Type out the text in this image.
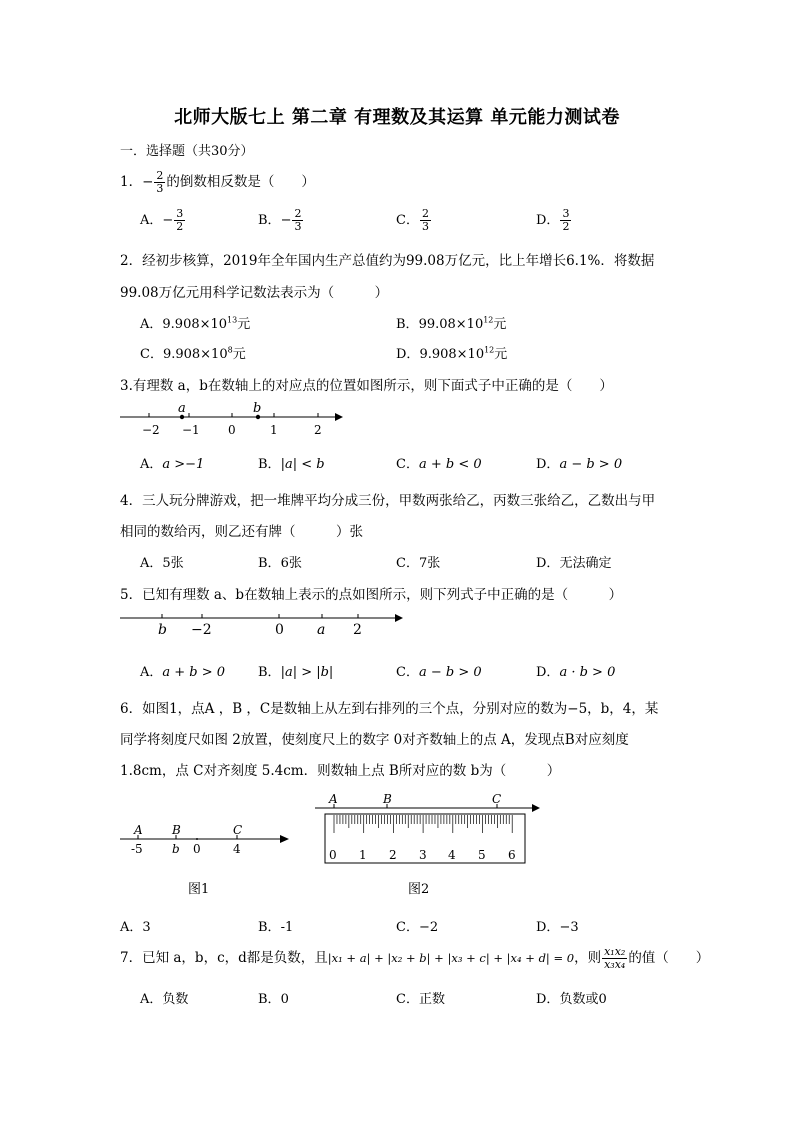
北师大版七上 第二章 有理数及其运算 单元能力测试卷
一．选择题（共30分）
1．− $\frac{2}{3}$ 的倒数相反数是（　　）
A．− $\frac{3}{2}$	B．− $\frac{2}{3}$	C． $\frac{2}{3}$	D． $\frac{3}{2}$
2．经初步核算，2019年全年国内生产总值约为99.08万亿元，比上年增长6.1%．将数据
99.08万亿元用科学记数法表示为（　　　）
A．$9.908\times 10^{13}$元	B．$99.08\times 10^{12}$元
C．$9.908\times 10^8$元	D．$9.908\times 10^{12}$元
3.有理数 a，b在数轴上的对应点的位置如图所示，则下面式子中正确的是（　　）
a	b
−2 −1 0	1	2
A．a >−1	B．|a| < b	C．a + b < 0	D．a − b > 0
4．三人玩分牌游戏，把一堆牌平均分成三份，甲数两张给乙，丙数三张给乙，乙数出与甲
相同的数给丙，则乙还有牌（　　　）张
A．5张	B．6张	C．7张	D．无法确定
5．已知有理数 a、b在数轴上表示的点如图所示，则下列式子中正确的是（　　　）
b −2	0 a 2
A．a + b > 0	B．|a| > |b|	C．a − b > 0	D．a · b > 0
6．如图1，点A ，B ，C是数轴上从左到右排列的三个点，分别对应的数为−5，b，4，某
同学将刻度尺如图 2放置，使刻度尺上的数字 0对齐数轴上的点 A，发现点B对应刻度
1.8cm，点 C对齐刻度 5.4cm．则数轴上点 B所对应的数 b为（　　　）
A B	C
-5 b 0	4
图1
A	B	C
0 1 2 3 4 5 6
图2
A．3	B．-1	C．−2	D．−3
7．已知 a，b，c，d都是负数，且|x₁ + a| + |x₂ + b| + |x₃ + c| + |x₄ + d| = 0，则 $\frac{\text{x₁x₂}}{\text{x₃x₄}}$ 的值（　　）
A．负数	B．0	C．正数	D．负数或0
